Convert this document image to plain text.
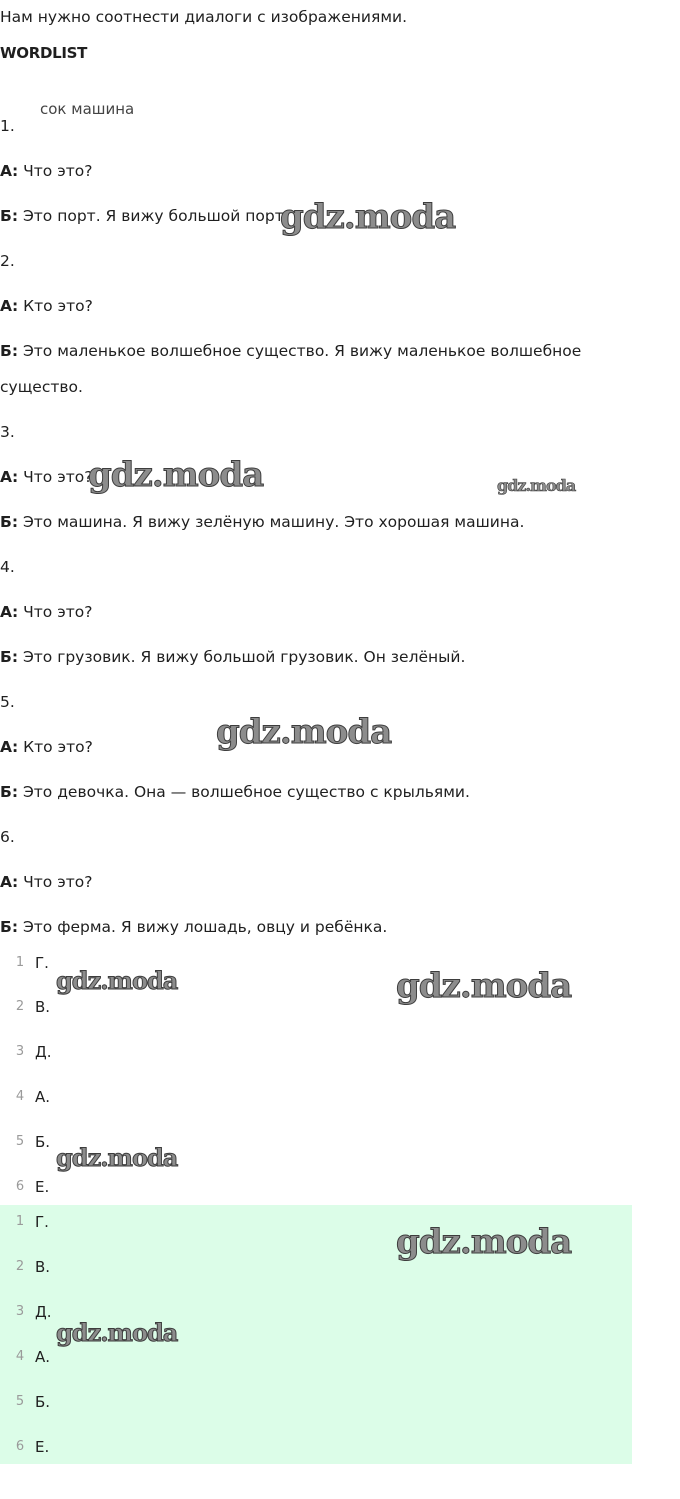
Нам нужно соотнести диалоги с изображениями.
WORDLIST
сок машина
1.
А: Что это?
Б: Это порт. Я вижу большой порт.
2.
А: Кто это?
Б: Это маленькое волшебное существо. Я вижу маленькое волшебное существо.
3.
А: Что это?
Б: Это машина. Я вижу зелёную машину. Это хорошая машина.
4.
А: Что это?
Б: Это грузовик. Я вижу большой грузовик. Он зелёный.
5.
А: Кто это?
Б: Это девочка. Она — волшебное существо с крыльями.
6.
А: Что это?
Б: Это ферма. Я вижу лошадь, овцу и ребёнка.
1 Г.
2 В.
3 Д.
4 А.
5 Б.
6 Е.
1 Г.
2 В.
3 Д.
4 А.
5 Б.
6 Е.
gdz.moda
gdz.moda	gdz.moda
gdz.moda
gdz.moda	gdz.moda
gdz.moda
gdz.moda
gdz.moda
